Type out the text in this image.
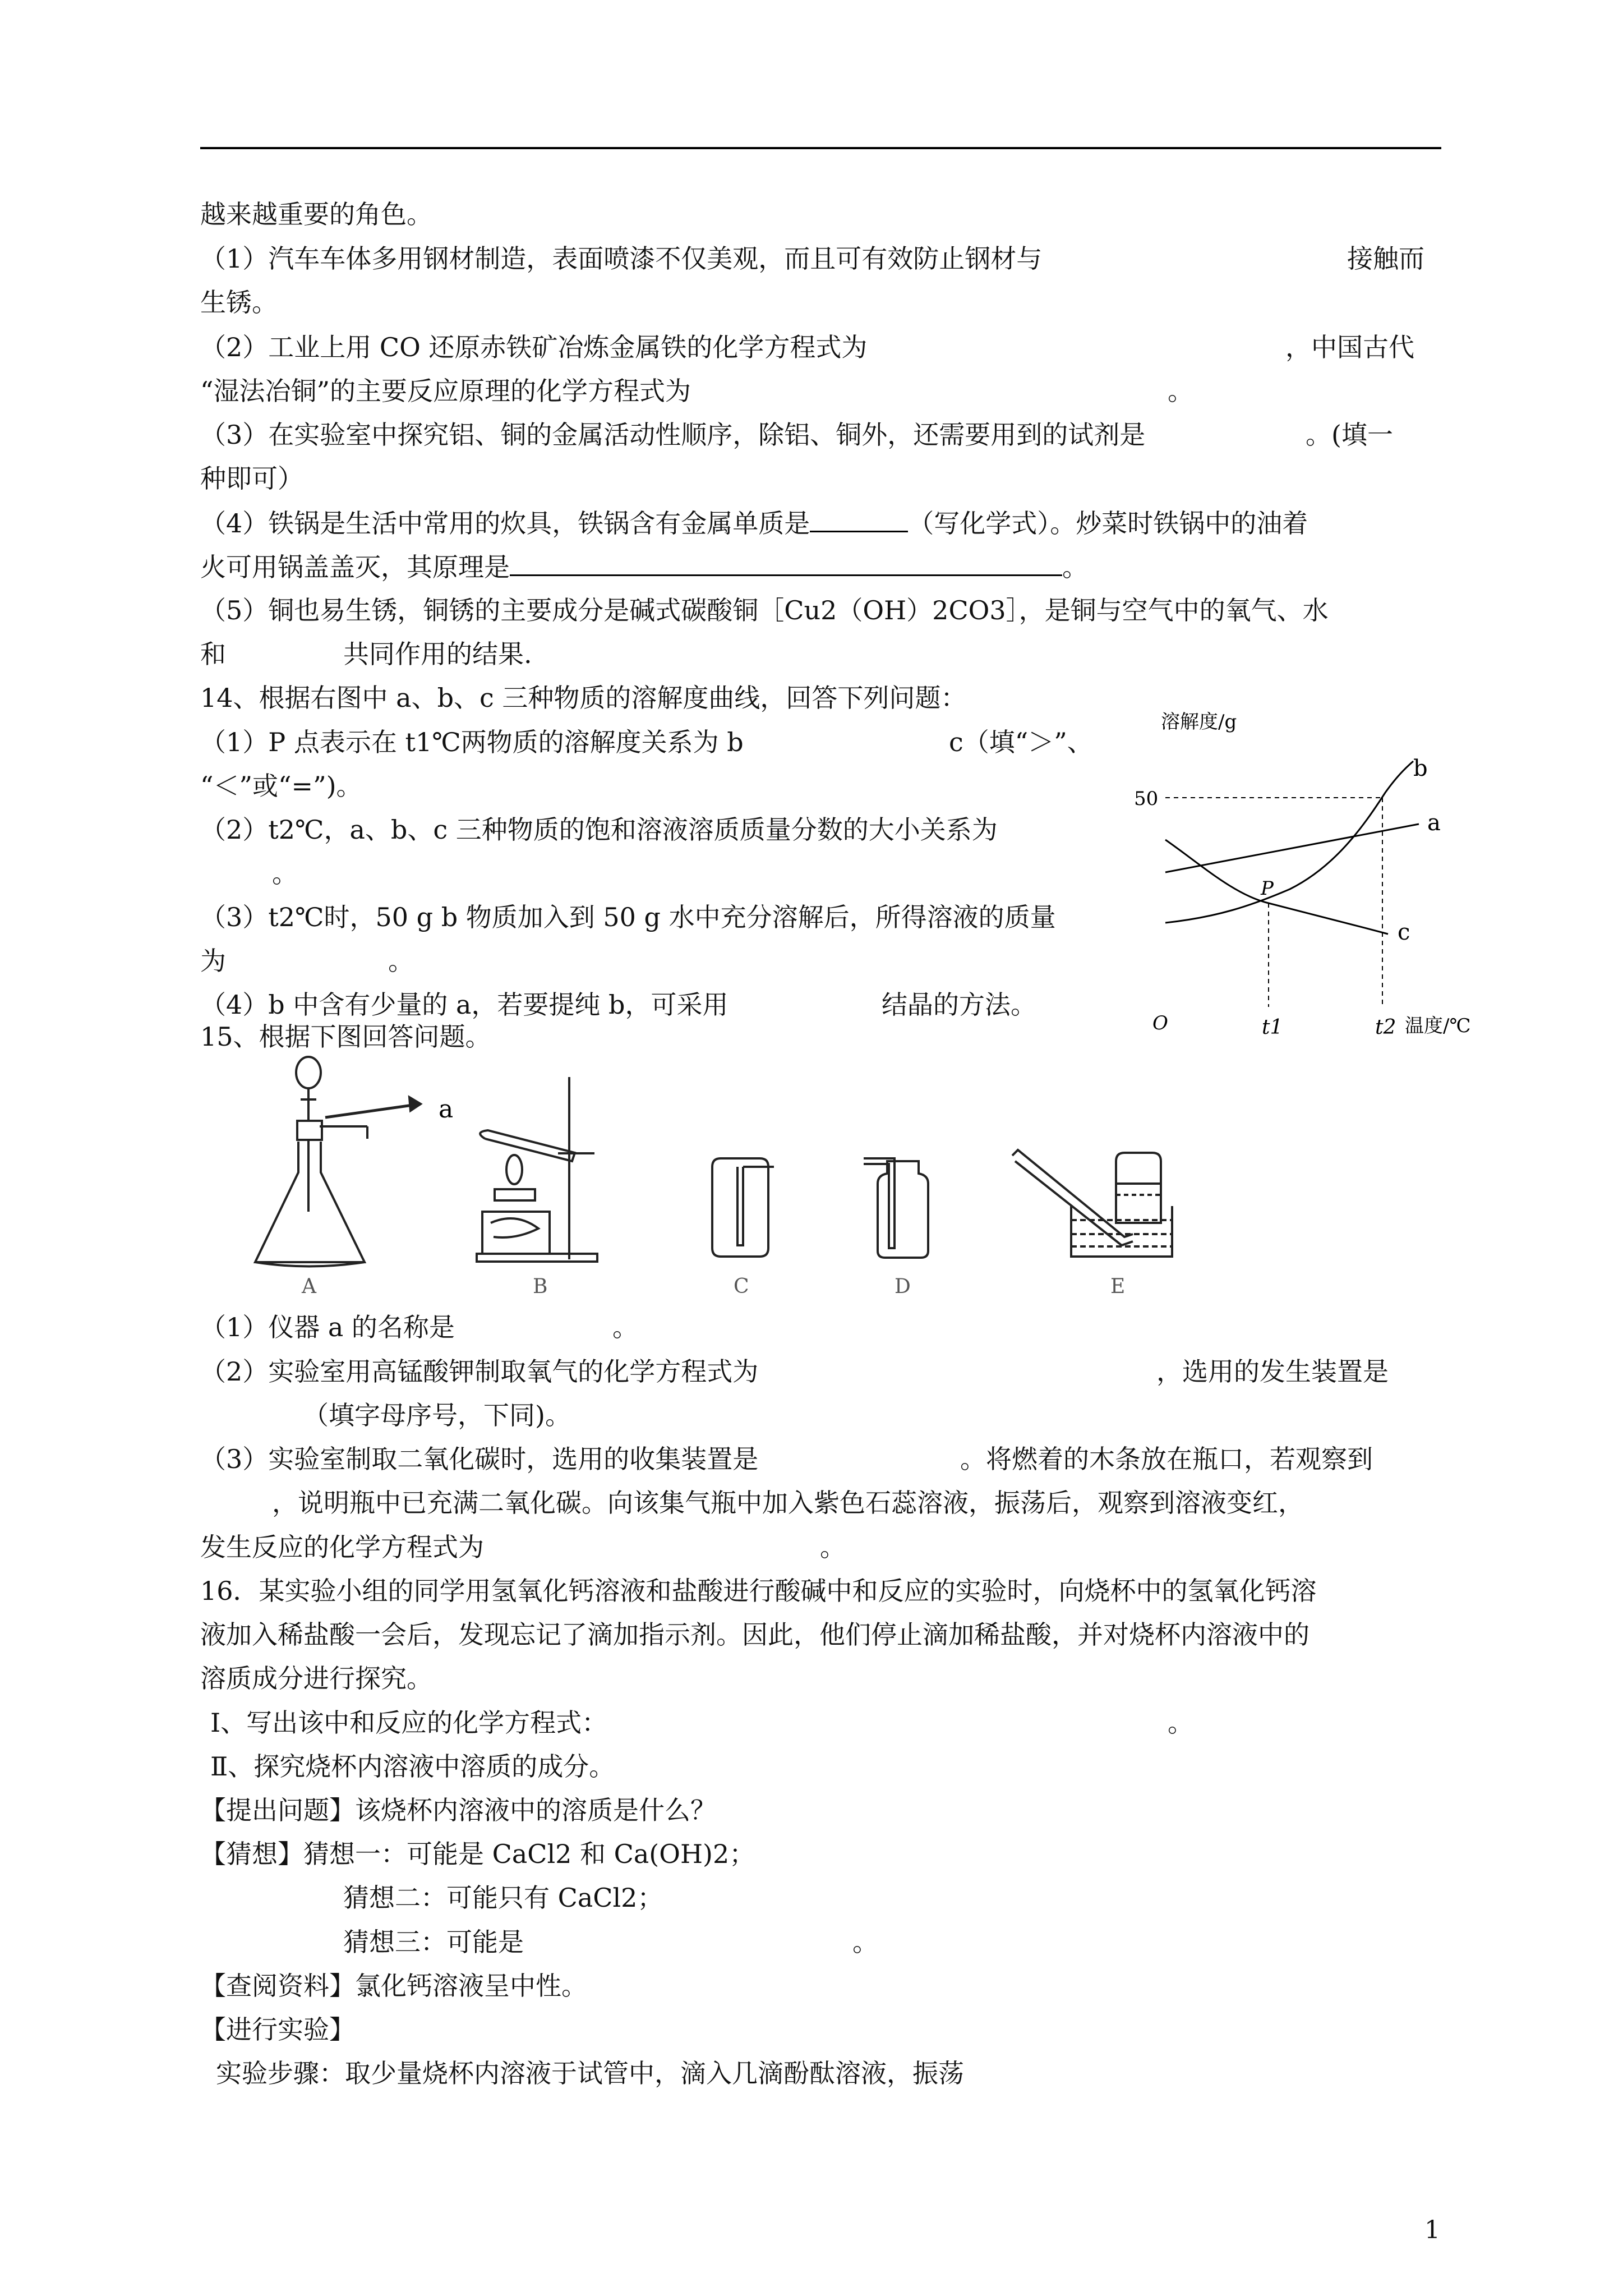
越来越重要的角色。
（1）汽车车体多用钢材制造，表面喷漆不仅美观，而且可有效防止钢材与	接触而
生锈。
（2）工业上用 CO 还原赤铁矿冶炼金属铁的化学方程式为	，中国古代
“湿法冶铜”的主要反应原理的化学方程式为	。
（3）在实验室中探究铝、铜的金属活动性顺序，除铝、铜外，还需要用到的试剂是	。(填一
种即可）
（4）铁锅是生活中常用的炊具，铁锅含有金属单质是	（写化学式）。炒菜时铁锅中的油着
火可用锅盖盖灭，其原理是	。
（5）铜也易生锈，铜锈的主要成分是碱式碳酸铜［Cu2（OH）2CO3］，是铜与空气中的氧气、水
和	共同作用的结果.
14、根据右图中 a、b、c 三种物质的溶解度曲线，回答下列问题：
（1）P 点表示在 t1℃两物质的溶解度关系为 b	c（填“＞”、
“＜”或“=”)。
（2）t2℃，a、b、c 三种物质的饱和溶液溶质质量分数的大小关系为
。
（3）t2℃时，50 g b 物质加入到 50 g 水中充分溶解后，所得溶液的质量
为	。
（4）b 中含有少量的 a，若要提纯 b，可采用	结晶的方法。
溶解度/g
50
O	t1	t2 温度/℃
P
a
b
c
15、根据下图回答问题。
a
A	B	C	D	E
（1）仪器 a 的名称是	。
（2）实验室用高锰酸钾制取氧气的化学方程式为	，选用的发生装置是
（填字母序号，下同)。
（3）实验室制取二氧化碳时，选用的收集装置是	。将燃着的木条放在瓶口，若观察到
，说明瓶中已充满二氧化碳。向该集气瓶中加入紫色石蕊溶液，振荡后，观察到溶液变红，
发生反应的化学方程式为	。
16．某实验小组的同学用氢氧化钙溶液和盐酸进行酸碱中和反应的实验时，向烧杯中的氢氧化钙溶
液加入稀盐酸一会后，发现忘记了滴加指示剂。因此，他们停止滴加稀盐酸，并对烧杯内溶液中的
溶质成分进行探究。
Ⅰ、写出该中和反应的化学方程式：	。
Ⅱ、探究烧杯内溶液中溶质的成分。
【提出问题】该烧杯内溶液中的溶质是什么？
【猜想】猜想一：可能是 CaCl2 和 Ca(OH)2；
猜想二：可能只有 CaCl2；
猜想三：可能是	。
【查阅资料】氯化钙溶液呈中性。
【进行实验】
实验步骤：取少量烧杯内溶液于试管中，滴入几滴酚酞溶液，振荡
1
